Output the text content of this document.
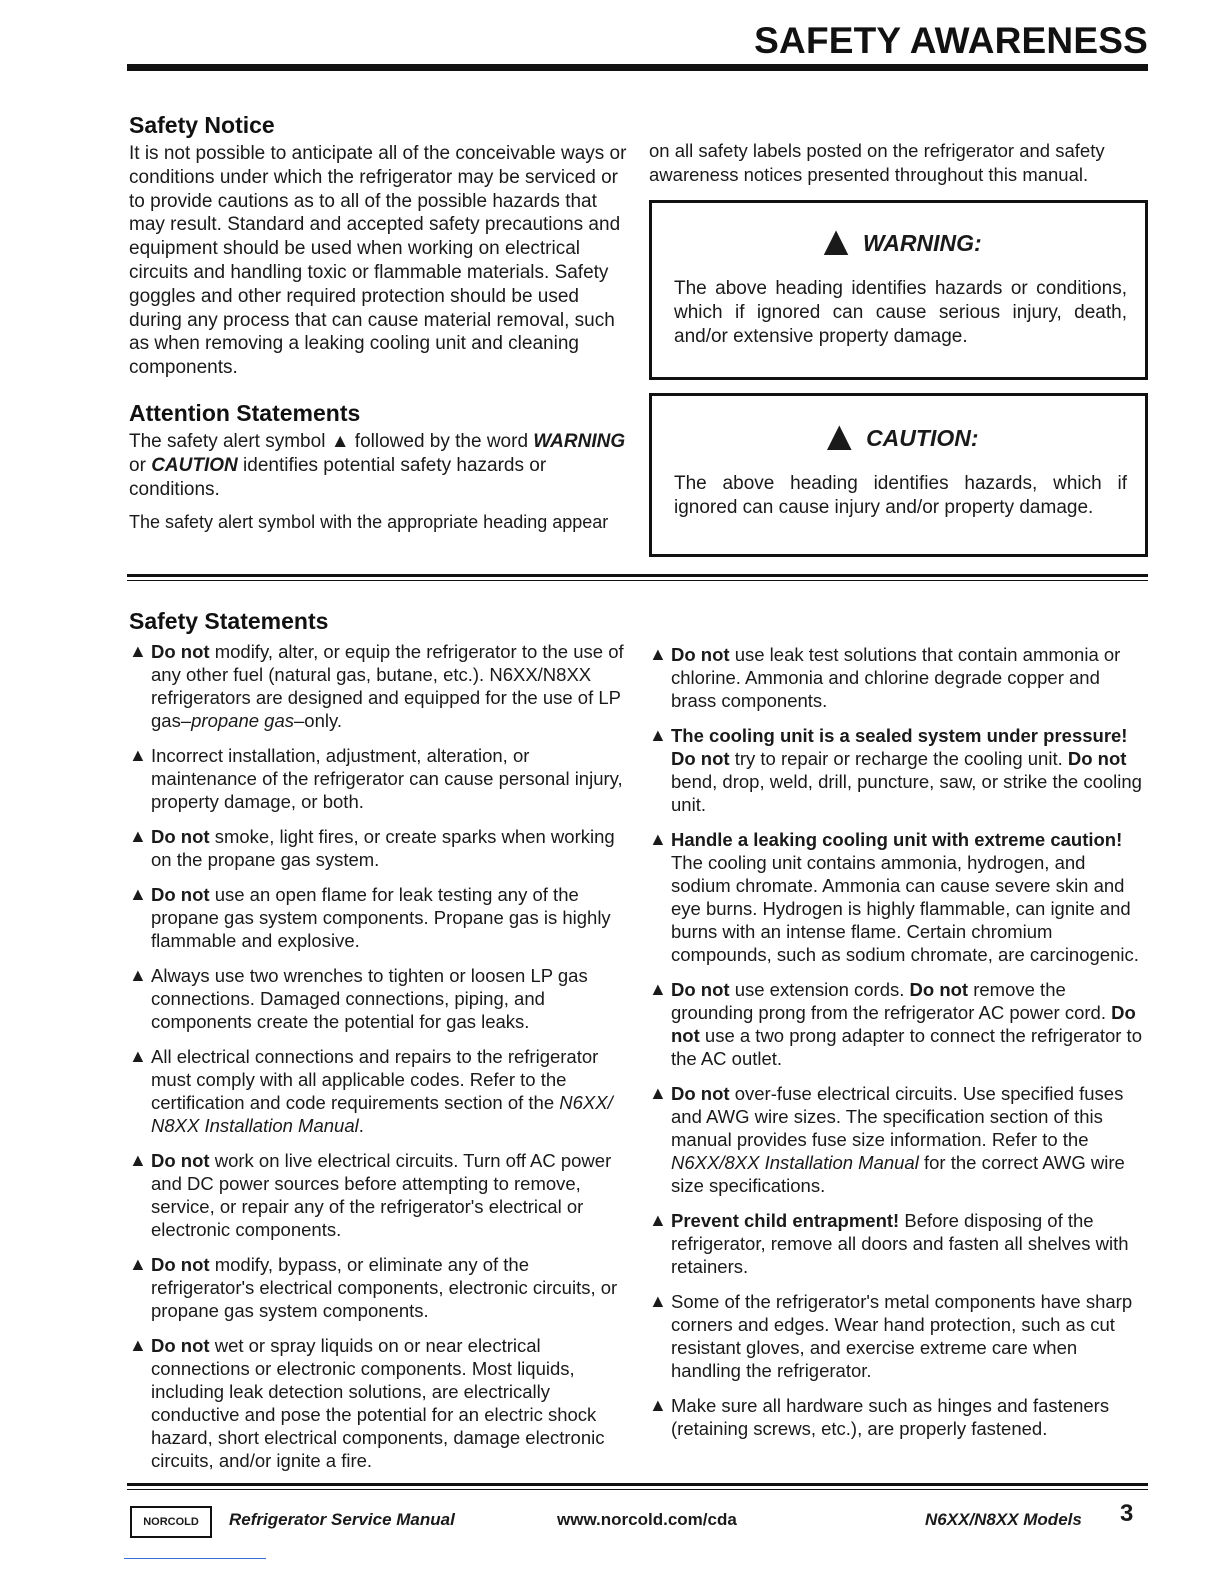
SAFETY AWARENESS
Safety Notice

It is not possible to anticipate all of the conceivable ways or conditions under which the refrigerator may be serviced or to provide cautions as to all of the possible hazards that may result. Standard and accepted safety precautions and equipment should be used when working on electrical circuits and handling toxic or flammable materials. Safety goggles and other required protection should be used during any process that can cause material removal, such as when removing a leaking cooling unit and cleaning components.

Attention Statements

The safety alert symbol ▲ followed by the word WARNING or CAUTION identifies potential safety hazards or conditions.

The safety alert symbol with the appropriate heading appear

on all safety labels posted on the refrigerator and safety awareness notices presented throughout this manual.

▲ WARNING:
The above heading identifies hazards or conditions, which if ignored can cause serious injury, death, and/or extensive property damage.
▲ CAUTION:
The above heading identifies hazards, which if ignored can cause injury and/or property damage.
Safety Statements

▲ Do not modify, alter, or equip the refrigerator to the use of any other fuel (natural gas, butane, etc.). N6XX/N8XX refrigerators are designed and equipped for the use of LP gas–propane gas–only.

▲ Incorrect installation, adjustment, alteration, or maintenance of the refrigerator can cause personal injury, property damage, or both.

▲ Do not smoke, light fires, or create sparks when working on the propane gas system.

▲ Do not use an open flame for leak testing any of the propane gas system components. Propane gas is highly flammable and explosive.

▲ Always use two wrenches to tighten or loosen LP gas connections. Damaged connections, piping, and components create the potential for gas leaks.

▲ All electrical connections and repairs to the refrigerator must comply with all applicable codes. Refer to the certification and code requirements section of the N6XX/ N8XX Installation Manual.

▲ Do not work on live electrical circuits. Turn off AC power and DC power sources before attempting to remove, service, or repair any of the refrigerator's electrical or electronic components.

▲ Do not modify, bypass, or eliminate any of the refrigerator's electrical components, electronic circuits, or propane gas system components.

▲ Do not wet or spray liquids on or near electrical connections or electronic components. Most liquids, including leak detection solutions, are electrically conductive and pose the potential for an electric shock hazard, short electrical components, damage electronic circuits, and/or ignite a fire.

▲ Do not use leak test solutions that contain ammonia or chlorine. Ammonia and chlorine degrade copper and brass components.

▲ The cooling unit is a sealed system under pressure! Do not try to repair or recharge the cooling unit. Do not bend, drop, weld, drill, puncture, saw, or strike the cooling unit.

▲ Handle a leaking cooling unit with extreme caution! The cooling unit contains ammonia, hydrogen, and sodium chromate. Ammonia can cause severe skin and eye burns. Hydrogen is highly flammable, can ignite and burns with an intense flame. Certain chromium compounds, such as sodium chromate, are carcinogenic.

▲ Do not use extension cords. Do not remove the grounding prong from the refrigerator AC power cord. Do not use a two prong adapter to connect the refrigerator to the AC outlet.

▲ Do not over-fuse electrical circuits. Use specified fuses and AWG wire sizes. The specification section of this manual provides fuse size information. Refer to the N6XX/8XX Installation Manual for the correct AWG wire size specifications.

▲ Prevent child entrapment! Before disposing of the refrigerator, remove all doors and fasten all shelves with retainers.

▲ Some of the refrigerator's metal components have sharp corners and edges. Wear hand protection, such as cut resistant gloves, and exercise extreme care when handling the refrigerator.

▲ Make sure all hardware such as hinges and fasteners (retaining screws, etc.), are properly fastened.

NORCOLD	Refrigerator Service Manual	www.norcold.com/cda	N6XX/N8XX Models 3
